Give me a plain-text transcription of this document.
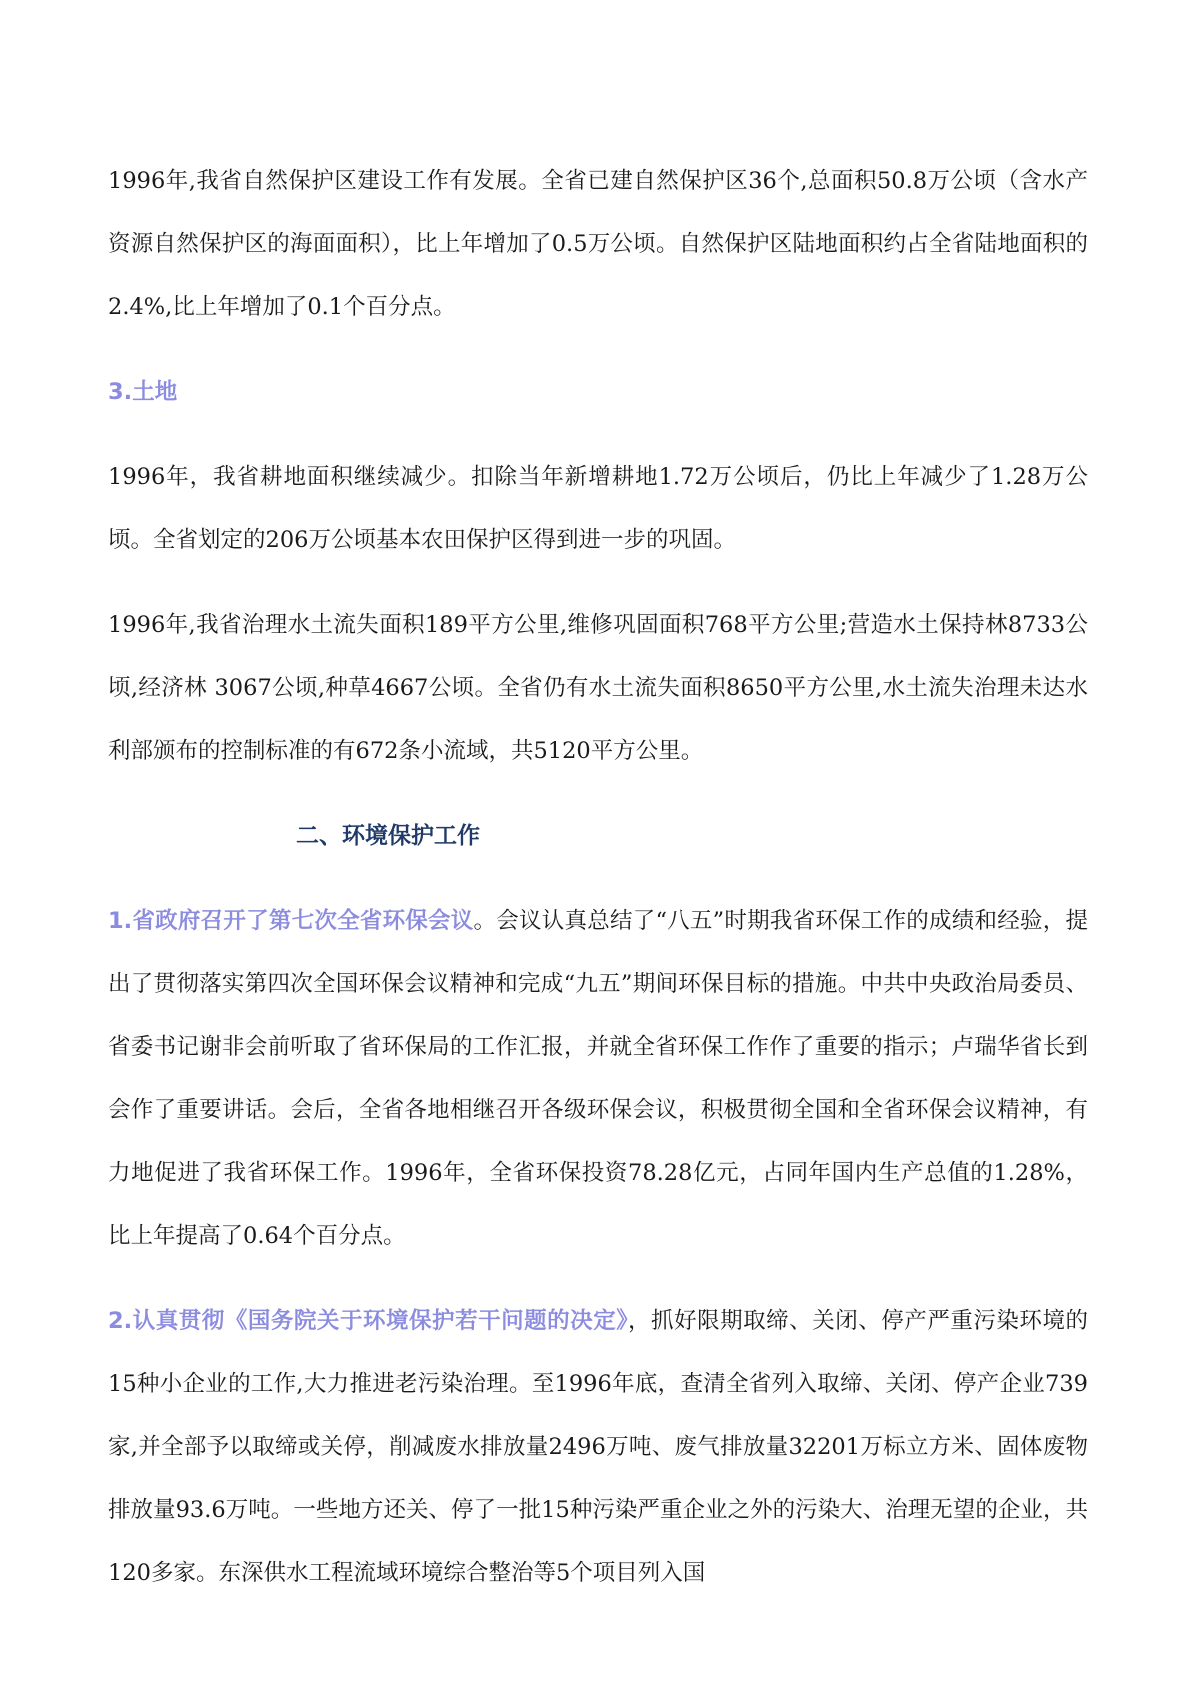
1996年,我省自然保护区建设工作有发展。全省已建自然保护区36个,总面积50.8万公顷（含水产资源自然保护区的海面面积），比上年增加了0.5万公顷。自然保护区陆地面积约占全省陆地面积的2.4%,比上年增加了0.1个百分点。

3.土地

1996年，我省耕地面积继续减少。扣除当年新增耕地1.72万公顷后，仍比上年减少了1.28万公顷。全省划定的206万公顷基本农田保护区得到进一步的巩固。

1996年,我省治理水土流失面积189平方公里,维修巩固面积768平方公里;营造水土保持林8733公顷,经济林 3067公顷,种草4667公顷。全省仍有水土流失面积8650平方公里,水土流失治理未达水利部颁布的控制标准的有672条小流域，共5120平方公里。

二、环境保护工作

1.省政府召开了第七次全省环保会议。会议认真总结了“八五”时期我省环保工作的成绩和经验，提出了贯彻落实第四次全国环保会议精神和完成“九五”期间环保目标的措施。中共中央政治局委员、省委书记谢非会前听取了省环保局的工作汇报，并就全省环保工作作了重要的指示；卢瑞华省长到会作了重要讲话。会后，全省各地相继召开各级环保会议，积极贯彻全国和全省环保会议精神，有力地促进了我省环保工作。1996年，全省环保投资78.28亿元，占同年国内生产总值的1.28%，比上年提高了0.64个百分点。

2.认真贯彻《国务院关于环境保护若干问题的决定》，抓好限期取缔、关闭、停产严重污染环境的15种小企业的工作,大力推进老污染治理。至1996年底，查清全省列入取缔、关闭、停产企业739家,并全部予以取缔或关停，削减废水排放量2496万吨、废气排放量32201万标立方米、固体废物排放量93.6万吨。一些地方还关、停了一批15种污染严重企业之外的污染大、治理无望的企业，共120多家。东深供水工程流域环境综合整治等5个项目列入国
